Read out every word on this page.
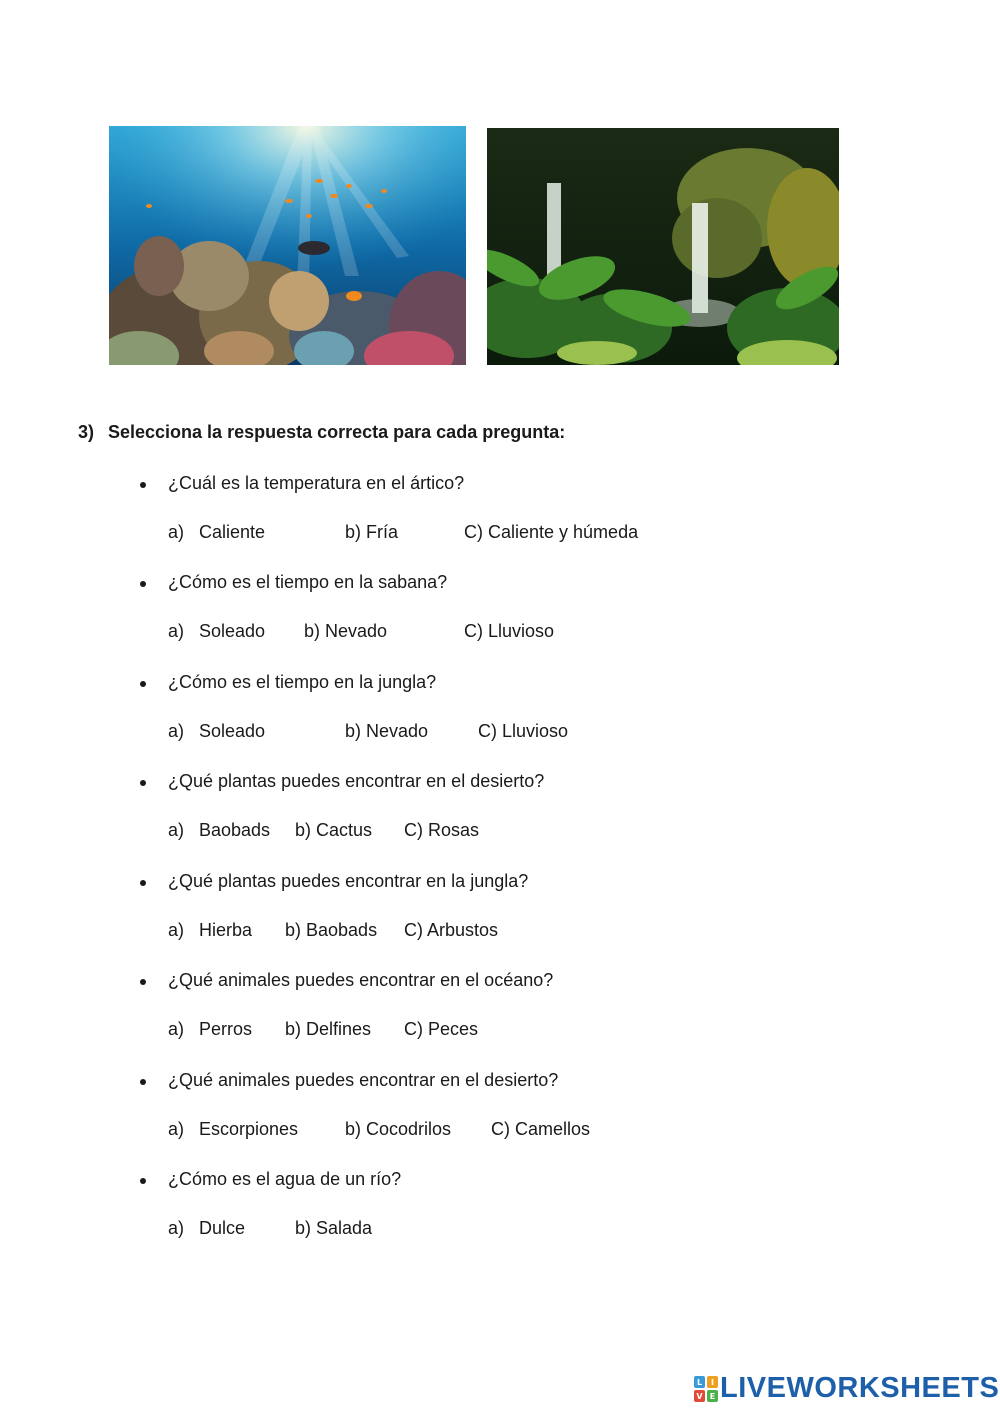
3) Selecciona la respuesta correcta para cada pregunta:
¿Cuál es la temperatura en el ártico?
a) Caliente	b) Fría	C) Caliente y húmeda
¿Cómo es el tiempo en la sabana?
a) Soleado b) Nevado	C) Lluvioso
¿Cómo es el tiempo en la jungla?
a) Soleado	b) Nevado	C) Lluvioso
¿Qué plantas puedes encontrar en el desierto?
a) Baobads b) Cactus C) Rosas
¿Qué plantas puedes encontrar en la jungla?
a) Hierba b) Baobads C) Arbustos
¿Qué animales puedes encontrar en el océano?
a) Perros b) Delfines C) Peces
¿Qué animales puedes encontrar en el desierto?
a) Escorpiones	b) Cocodrilos C) Camellos
¿Cómo es el agua de un río?
a) Dulce	b) Salada
L I
V E LIVEWORKSHEETS
